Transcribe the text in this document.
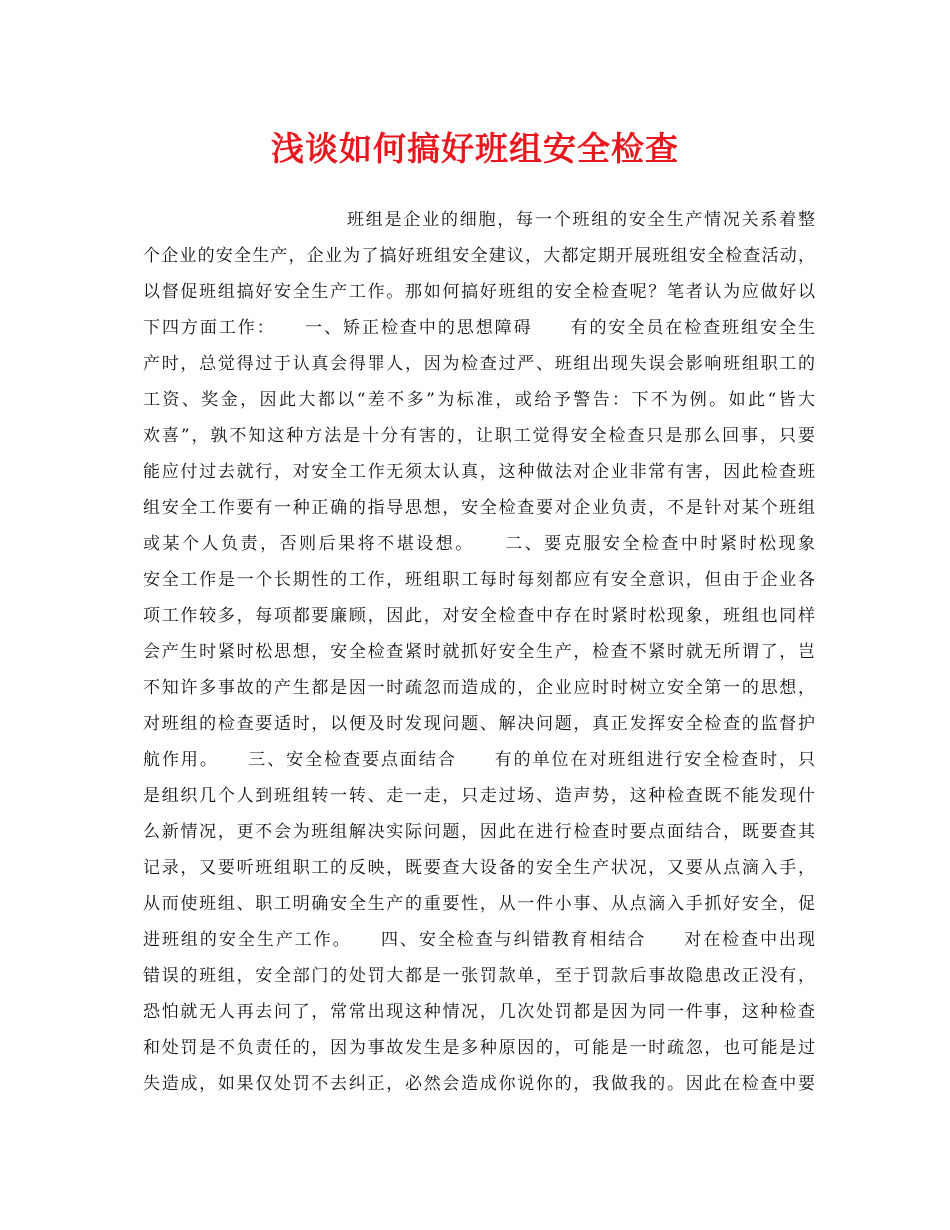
浅谈如何搞好班组安全检查
班组是企业的细胞，每一个班组的安全生产情况关系着整
个企业的安全生产，企业为了搞好班组安全建议，大都定期开展班组安全检查活动，
以督促班组搞好安全生产工作。那如何搞好班组的安全检查呢？笔者认为应做好以
下四方面工作：　　一、矫正检查中的思想障碍　　有的安全员在检查班组安全生
产时，总觉得过于认真会得罪人，因为检查过严、班组出现失误会影响班组职工的
工资、奖金，因此大都以“差不多”为标准，或给予警告：下不为例。如此“皆大
欢喜”，孰不知这种方法是十分有害的，让职工觉得安全检查只是那么回事，只要
能应付过去就行，对安全工作无须太认真，这种做法对企业非常有害，因此检查班
组安全工作要有一种正确的指导思想，安全检查要对企业负责，不是针对某个班组
或某个人负责，否则后果将不堪设想。　　二、要克服安全检查中时紧时松现象
安全工作是一个长期性的工作，班组职工每时每刻都应有安全意识，但由于企业各
项工作较多，每项都要廉顾，因此，对安全检查中存在时紧时松现象，班组也同样
会产生时紧时松思想，安全检查紧时就抓好安全生产，检查不紧时就无所谓了，岂
不知许多事故的产生都是因一时疏忽而造成的，企业应时时树立安全第一的思想，
对班组的检查要适时，以便及时发现问题、解决问题，真正发挥安全检查的监督护
航作用。　　三、安全检查要点面结合　　有的单位在对班组进行安全检查时，只
是组织几个人到班组转一转、走一走，只走过场、造声势，这种检查既不能发现什
么新情况，更不会为班组解决实际问题，因此在进行检查时要点面结合，既要查其
记录，又要听班组职工的反映，既要查大设备的安全生产状况，又要从点滴入手，
从而使班组、职工明确安全生产的重要性，从一件小事、从点滴入手抓好安全，促
进班组的安全生产工作。　　四、安全检查与纠错教育相结合　　对在检查中出现
错误的班组，安全部门的处罚大都是一张罚款单，至于罚款后事故隐患改正没有，
恐怕就无人再去问了，常常出现这种情况，几次处罚都是因为同一件事，这种检查
和处罚是不负责任的，因为事故发生是多种原因的，可能是一时疏忽，也可能是过
失造成，如果仅处罚不去纠正，必然会造成你说你的，我做我的。因此在检查中要
